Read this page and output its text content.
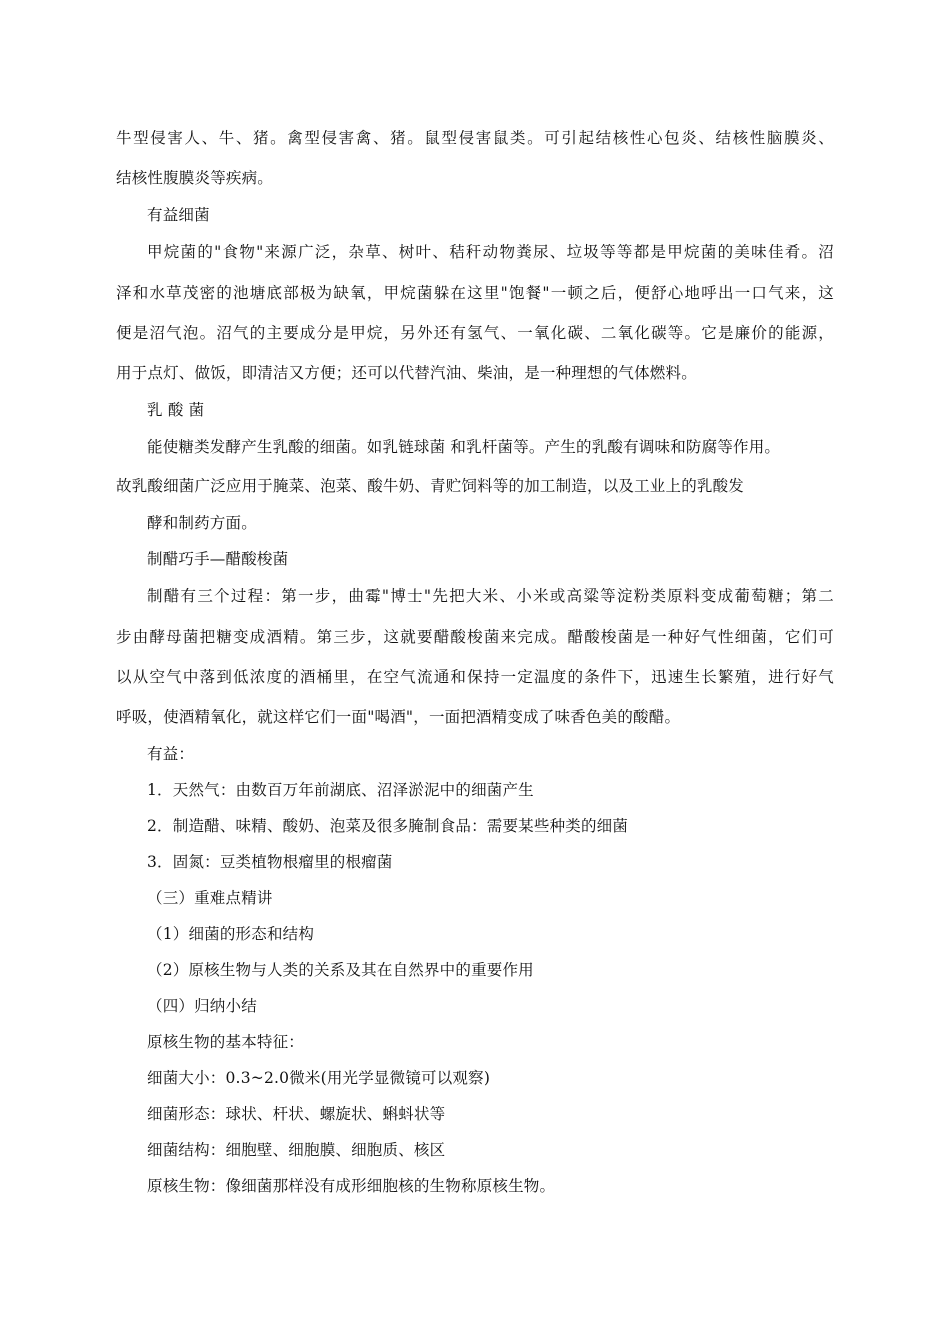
牛型侵害人、牛、猪。禽型侵害禽、猪。鼠型侵害鼠类。可引起结核性心包炎、结核性脑膜炎、
结核性腹膜炎等疾病。
有益细菌
甲烷菌的"食物"来源广泛，杂草、树叶、秸秆动物粪尿、垃圾等等都是甲烷菌的美味佳肴。沼
泽和水草茂密的池塘底部极为缺氧，甲烷菌躲在这里"饱餐"一顿之后，便舒心地呼出一口气来，这
便是沼气泡。沼气的主要成分是甲烷，另外还有氢气、一氧化碳、二氧化碳等。它是廉价的能源，
用于点灯、做饭，即清洁又方便；还可以代替汽油、柴油，是一种理想的气体燃料。
乳 酸 菌
能使糖类发酵产生乳酸的细菌。如乳链球菌 和乳杆菌等。产生的乳酸有调味和防腐等作用。
故乳酸细菌广泛应用于腌菜、泡菜、酸牛奶、青贮饲料等的加工制造，以及工业上的乳酸发
酵和制药方面。
制醋巧手—醋酸梭菌
制醋有三个过程：第一步，曲霉"博士"先把大米、小米或高粱等淀粉类原料变成葡萄糖；第二
步由酵母菌把糖变成酒精。第三步，这就要醋酸梭菌来完成。醋酸梭菌是一种好气性细菌，它们可
以从空气中落到低浓度的酒桶里，在空气流通和保持一定温度的条件下，迅速生长繁殖，进行好气
呼吸，使酒精氧化，就这样它们一面"喝酒"，一面把酒精变成了味香色美的酸醋。
有益：
1．天然气：由数百万年前湖底、沼泽淤泥中的细菌产生
2．制造醋、味精、酸奶、泡菜及很多腌制食品：需要某些种类的细菌
3．固氮：豆类植物根瘤里的根瘤菌
（三）重难点精讲
（1）细菌的形态和结构
（2）原核生物与人类的关系及其在自然界中的重要作用
（四）归纳小结
原核生物的基本特征：
细菌大小：0.3~2.0微米(用光学显微镜可以观察)
细菌形态：球状、杆状、螺旋状、蝌蚪状等
细菌结构：细胞壁、细胞膜、细胞质、核区
原核生物：像细菌那样没有成形细胞核的生物称原核生物。
